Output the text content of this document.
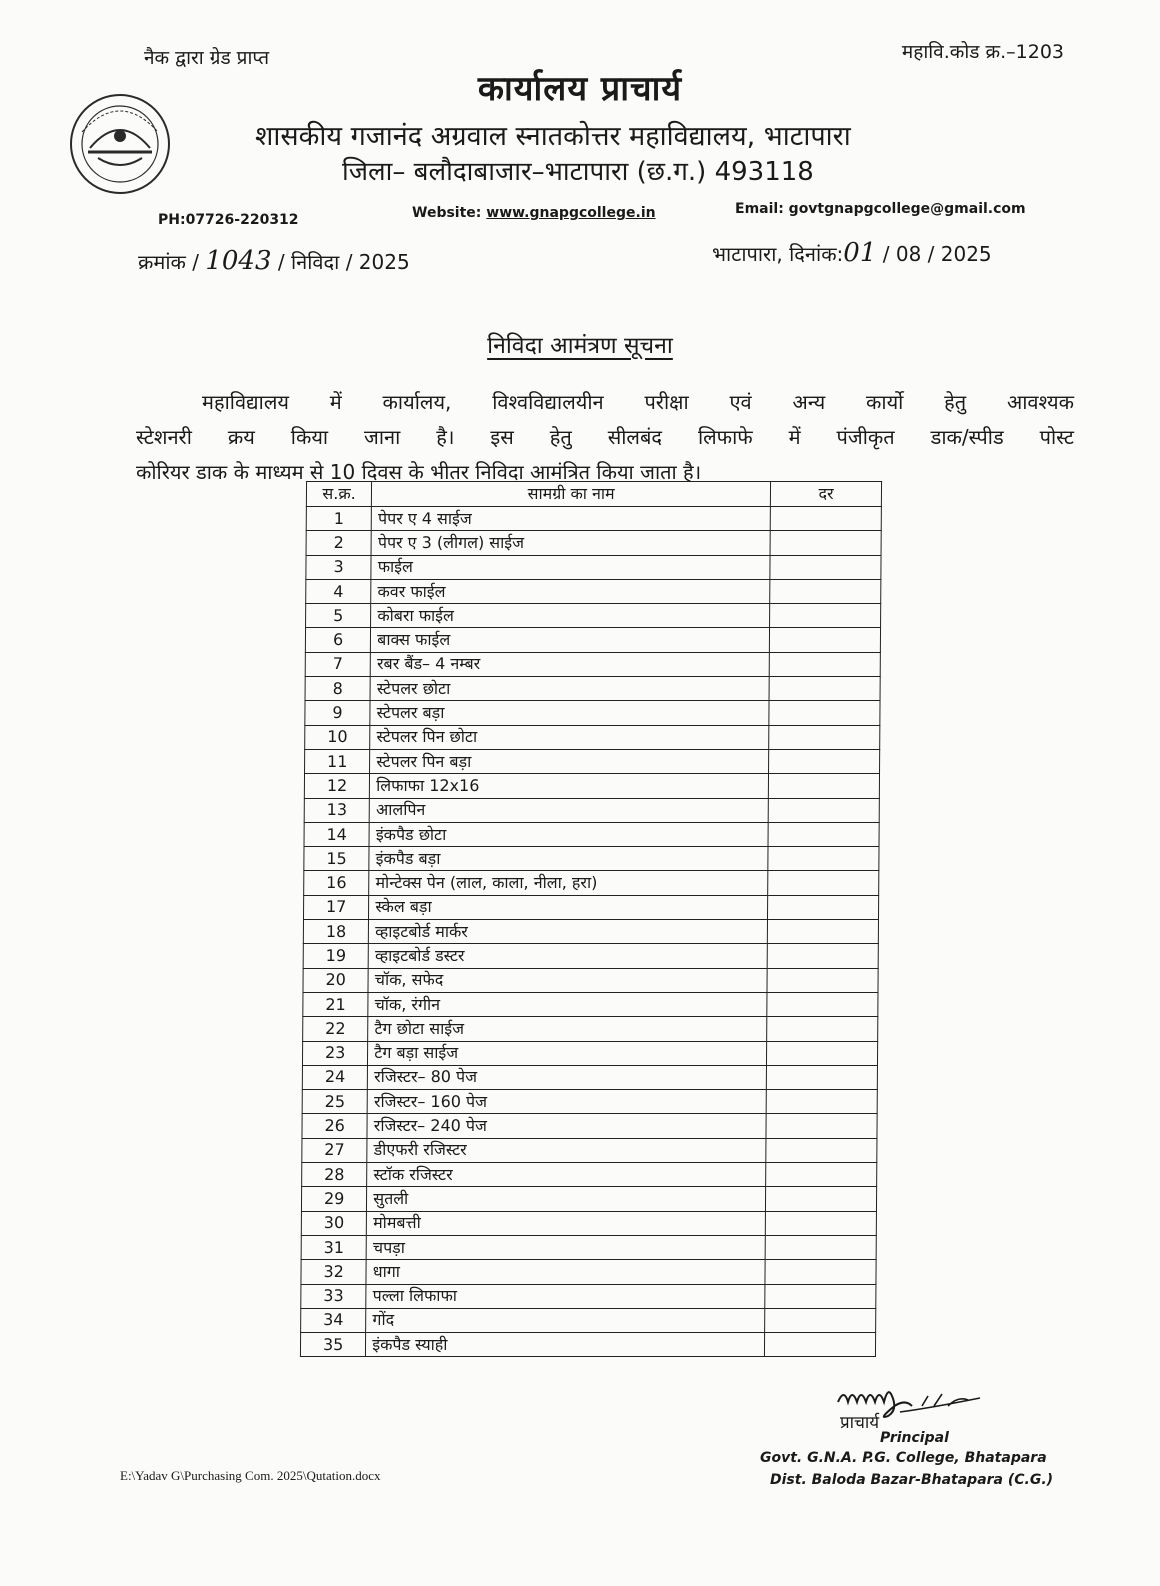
नैक द्वारा ग्रेड प्राप्त	महावि.कोड क्र.–1203
कार्यालय प्राचार्य
शासकीय गजानंद अग्रवाल स्नातकोत्तर महाविद्यालय, भाटापारा
जिला– बलौदाबाजार–भाटापारा (छ.ग.) 493118
PH:07726-220312	Website: www.gnapgcollege.in	Email: govtgnapgcollege@gmail.com
क्रमांक / 1043 / निविदा / 2025	भाटापारा, दिनांक:01 / 08 / 2025
निविदा आमंत्रण सूचना
महाविद्यालय में कार्यालय, विश्वविद्यालयीन परीक्षा एवं अन्य कार्यो हेतु आवश्यक
स्टेशनरी क्रय किया जाना है। इस हेतु सीलबंद लिफाफे में पंजीकृत डाक/स्पीड पोस्ट
कोरियर डाक के माध्यम से 10 दिवस के भीतर निविदा आमंत्रित किया जाता है।
स.क्र.	सामग्री का नाम	दर
1	पेपर ए 4 साईज	
2	पेपर ए 3 (लीगल) साईज	
3	फाईल	
4	कवर फाईल	
5	कोबरा फाईल	
6	बाक्स फाईल	
7	रबर बैंड– 4 नम्बर	
8	स्टेपलर छोटा	
9	स्टेपलर बड़ा	
10	स्टेपलर पिन छोटा	
11	स्टेपलर पिन बड़ा	
12	लिफाफा 12x16	
13	आलपिन	
14	इंकपैड छोटा	
15	इंकपैड बड़ा	
16	मोन्टेक्स पेन (लाल, काला, नीला, हरा)	
17	स्केल बड़ा	
18	व्हाइटबोर्ड मार्कर	
19	व्हाइटबोर्ड डस्टर	
20	चॉक, सफेद	
21	चॉक, रंगीन	
22	टैग छोटा साईज	
23	टैग बड़ा साईज	
24	रजिस्टर– 80 पेज	
25	रजिस्टर– 160 पेज	
26	रजिस्टर– 240 पेज	
27	डीएफरी रजिस्टर	
28	स्टॉक रजिस्टर	
29	सुतली	
30	मोमबत्ती	
31	चपड़ा	
32	धागा	
33	पल्ला लिफाफा	
34	गोंद	
35	इंकपैड स्याही	
प्राचार्य
Principal
Govt. G.N.A. P.G. College, Bhatapara
Dist. Baloda Bazar-Bhatapara (C.G.)
E:\Yadav G\Purchasing Com. 2025\Qutation.docx
